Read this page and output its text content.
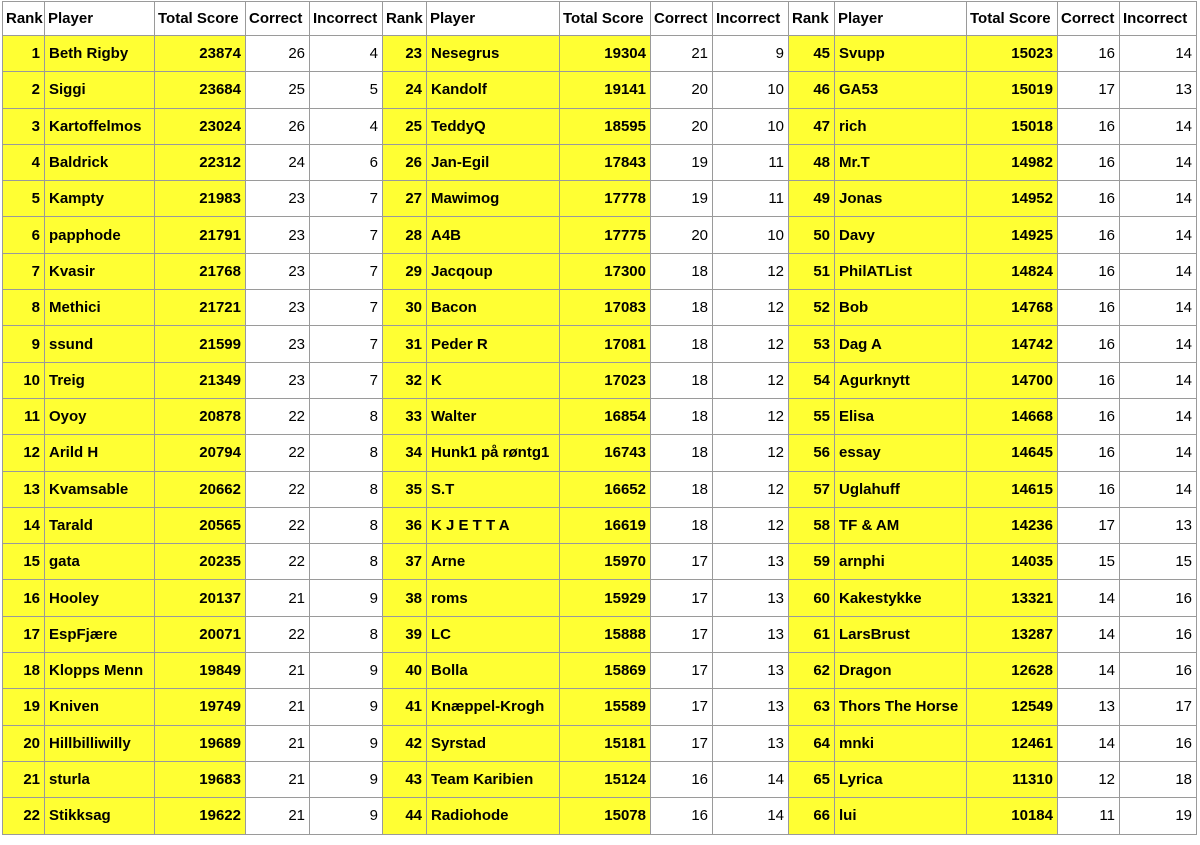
Rank	Player	Total Score	Correct	Incorrect
1	Beth Rigby	23874	26	4
2	Siggi	23684	25	5
3	Kartoffelmos	23024	26	4
4	Baldrick	22312	24	6
5	Kampty	21983	23	7
6	papphode	21791	23	7
7	Kvasir	21768	23	7
8	Methici	21721	23	7
9	ssund	21599	23	7
10	Treig	21349	23	7
11	Oyoy	20878	22	8
12	Arild H	20794	22	8
13	Kvamsable	20662	22	8
14	Tarald	20565	22	8
15	gata	20235	22	8
16	Hooley	20137	21	9
17	EspFjære	20071	22	8
18	Klopps Menn	19849	21	9
19	Kniven	19749	21	9
20	Hillbilliwilly	19689	21	9
21	sturla	19683	21	9
22	Stikksag	19622	21	9
Rank	Player	Total Score	Correct	Incorrect
23	Nesegrus	19304	21	9
24	Kandolf	19141	20	10
25	TeddyQ	18595	20	10
26	Jan-Egil	17843	19	11
27	Mawimog	17778	19	11
28	A4B	17775	20	10
29	Jacqoup	17300	18	12
30	Bacon	17083	18	12
31	Peder R	17081	18	12
32	K	17023	18	12
33	Walter	16854	18	12
34	Hunk1 på røntg1	16743	18	12
35	S.T	16652	18	12
36	K J E T T A	16619	18	12
37	Arne	15970	17	13
38	roms	15929	17	13
39	LC	15888	17	13
40	Bolla	15869	17	13
41	Knæppel-Krogh	15589	17	13
42	Syrstad	15181	17	13
43	Team Karibien	15124	16	14
44	Radiohode	15078	16	14
Rank	Player	Total Score	Correct	Incorrect
45	Svupp	15023	16	14
46	GA53	15019	17	13
47	rich	15018	16	14
48	Mr.T	14982	16	14
49	Jonas	14952	16	14
50	Davy	14925	16	14
51	PhilATList	14824	16	14
52	Bob	14768	16	14
53	Dag A	14742	16	14
54	Agurknytt	14700	16	14
55	Elisa	14668	16	14
56	essay	14645	16	14
57	Uglahuff	14615	16	14
58	TF & AM	14236	17	13
59	arnphi	14035	15	15
60	Kakestykke	13321	14	16
61	LarsBrust	13287	14	16
62	Dragon	12628	14	16
63	Thors The Horse	12549	13	17
64	mnki	12461	14	16
65	Lyrica	11310	12	18
66	lui	10184	11	19
